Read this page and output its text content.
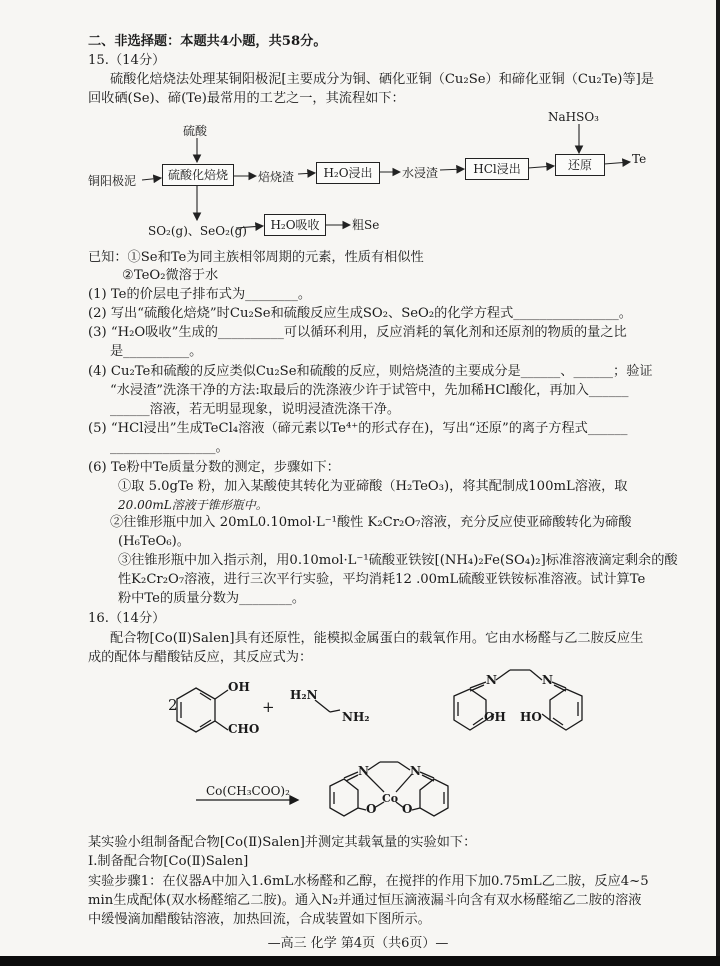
二、非选择题：本题共4小题，共58分。
15.（14分）
硫酸化焙烧法处理某铜阳极泥[主要成分为铜、硒化亚铜（Cu₂Se）和碲化亚铜（Cu₂Te)等]是
回收硒(Se)、碲(Te)最常用的工艺之一，其流程如下：
NaHSO₃
硫酸
铜阳极泥	硫酸化焙烧	焙烧渣	H₂O浸出	水浸渣	HCl浸出	还原	Te
SO₂(g)、SeO₂(g)	H₂O吸收	粗Se
已知：①Se和Te为同主族相邻周期的元素，性质有相似性
②TeO₂微溶于水
(1) Te的价层电子排布式为________。
(2) 写出“硫酸化焙烧”时Cu₂Se和硫酸反应生成SO₂、SeO₂的化学方程式________________。
(3) “H₂O吸收”生成的__________可以循环利用，反应消耗的氧化剂和还原剂的物质的量之比
是__________。
(4) Cu₂Te和硫酸的反应类似Cu₂Se和硫酸的反应，则焙烧渣的主要成分是______、______；验证
“水浸渣”洗涤干净的方法:取最后的洗涤液少许于试管中，先加稀HCl酸化，再加入______
______溶液，若无明显现象，说明浸渣洗涤干净。
(5) “HCl浸出”生成TeCl₄溶液（碲元素以Te⁴⁺的形式存在)，写出“还原”的离子方程式______
________________。
(6) Te粉中Te质量分数的测定，步骤如下：
①取 5.0gTe 粉，加入某酸使其转化为亚碲酸（H₂TeO₃)，将其配制成100mL溶液，取
20.00mL溶液于锥形瓶中。
②往锥形瓶中加入 20mL0.10mol·L⁻¹酸性 K₂Cr₂O₇溶液，充分反应使亚碲酸转化为碲酸
(H₆TeO₆)。
③往锥形瓶中加入指示剂，用0.10mol·L⁻¹硫酸亚铁铵[(NH₄)₂Fe(SO₄)₂]标准溶液滴定剩余的酸
性K₂Cr₂O₇溶液，进行三次平行实验，平均消耗12 .00mL硫酸亚铁铵标准溶液。试计算Te
粉中Te的质量分数为________。
16.（14分）
配合物[Co(Ⅱ)Salen]具有还原性，能模拟金属蛋白的载氧作用。它由水杨醛与乙二胺反应生
成的配体与醋酸钴反应，其反应式为：
2
OH
CHO
+
H₂N
NH₂
N	N
OH HO
Co(CH₃COO)₂
N	N
Co
O O
某实验小组制备配合物[Co(Ⅱ)Salen]并测定其载氧量的实验如下：
Ⅰ.制备配合物[Co(Ⅱ)Salen]
实验步骤1：在仪器A中加入1.6mL水杨醛和乙醇，在搅拌的作用下加0.75mL乙二胺，反应4~5
min生成配体(双水杨醛缩乙二胺)。通入N₂并通过恒压滴液漏斗向含有双水杨醛缩乙二胺的溶液
中缓慢滴加醋酸钴溶液，加热回流，合成装置如下图所示。
—高三 化学 第4页（共6页）—
